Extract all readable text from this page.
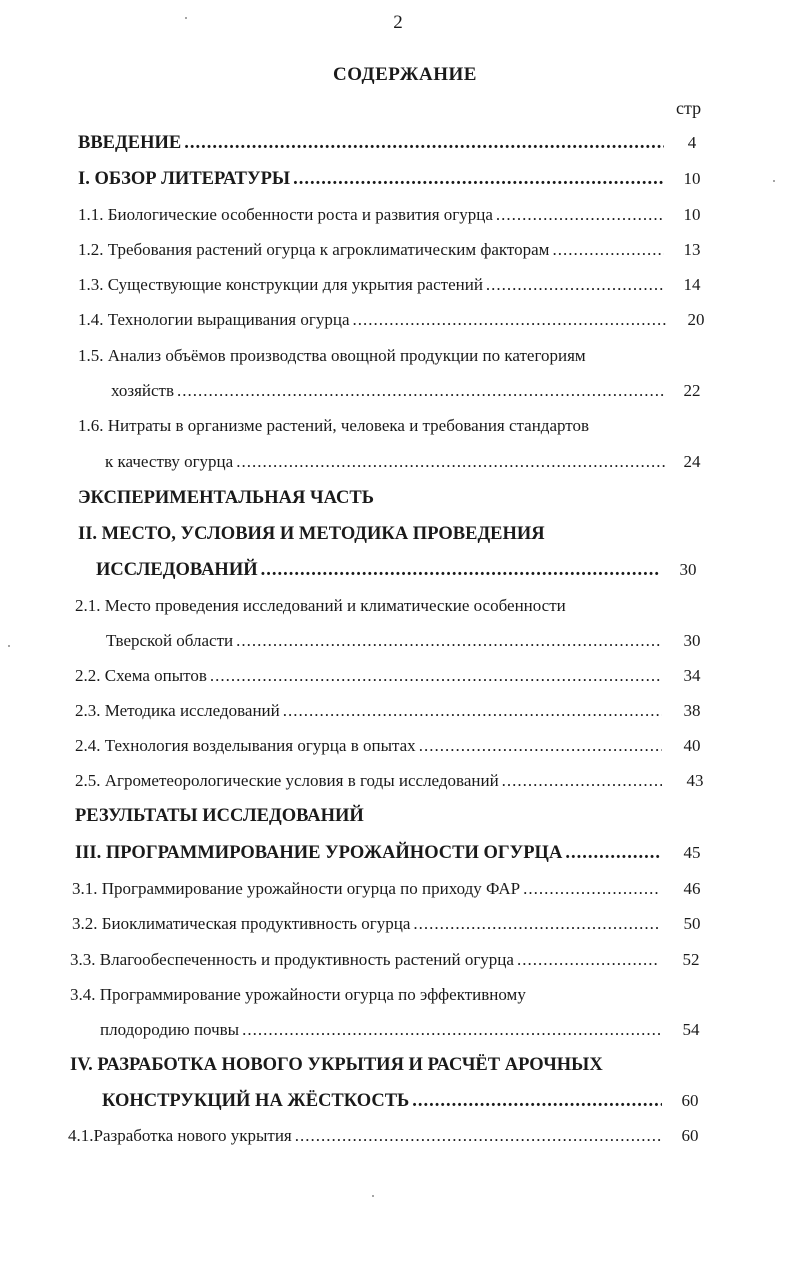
2
СОДЕРЖАНИЕ
стр
ВВЕДЕНИЕ .....	4
I. ОБЗОР ЛИТЕРАТУРЫ .....	10
1.1. Биологические особенности роста и развития огурца .....	10
1.2. Требования растений огурца к агроклиматическим факторам .....	13
1.3. Существующие конструкции для укрытия растений .....	14
1.4. Технологии выращивания огурца .....	20
1.5. Анализ объёмов производства овощной продукции по категориям
хозяйств .....	22
1.6. Нитраты в организме растений, человека и требования стандартов
к качеству огурца .....	24
ЭКСПЕРИМЕНТАЛЬНАЯ ЧАСТЬ
II. МЕСТО, УСЛОВИЯ И МЕТОДИКА ПРОВЕДЕНИЯ
ИССЛЕДОВАНИЙ .....	30
2.1. Место проведения исследований и климатические особенности
Тверской области .....	30
2.2. Схема опытов .....	34
2.3. Методика исследований .....	38
2.4. Технология возделывания огурца в опытах .....	40
2.5. Агрометеорологические условия в годы исследований .....	43
РЕЗУЛЬТАТЫ ИССЛЕДОВАНИЙ
III. ПРОГРАММИРОВАНИЕ УРОЖАЙНОСТИ ОГУРЦА .....	45
3.1. Программирование урожайности огурца по приходу ФАР .....	46
3.2. Биоклиматическая продуктивность огурца .....	50
3.3. Влагообеспеченность и продуктивность растений огурца .....	52
3.4. Программирование урожайности огурца по эффективному
плодородию почвы .....	54
IV. РАЗРАБОТКА НОВОГО УКРЫТИЯ И РАСЧЁТ АРОЧНЫХ
КОНСТРУКЦИЙ НА ЖЁСТКОСТЬ .....	60
4.1.Разработка нового укрытия .....	60
